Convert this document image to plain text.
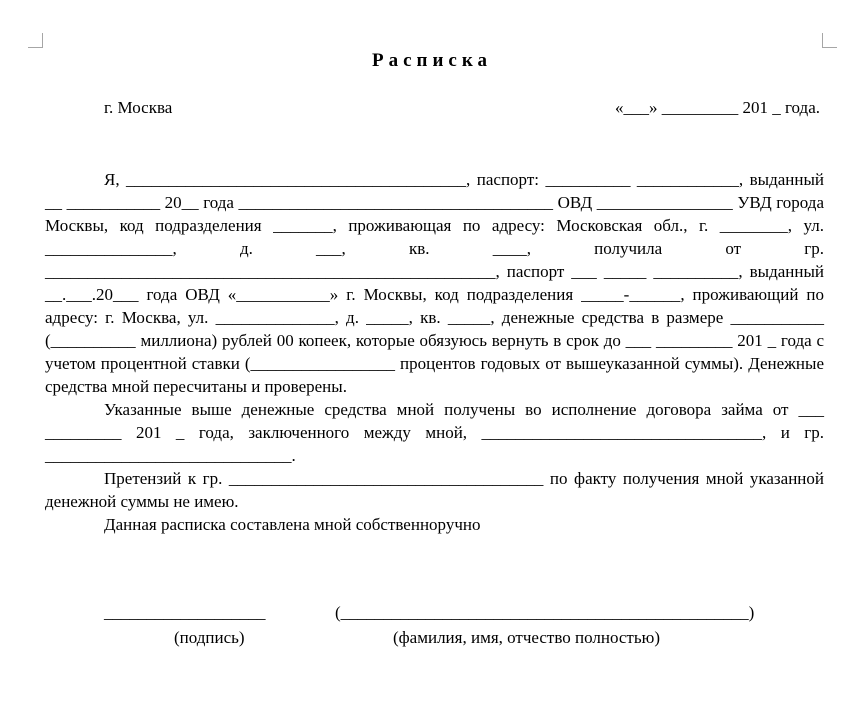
Расписка
г. Москва	«___» _________ 201 _ года.

Я, ________________________________________, паспорт: __________ ____________, выданный __ ___________ 20__ года _____________________________________ ОВД ________________ УВД города Москвы, код подразделения _______, проживающая по адресу: Московская обл., г. ________, ул. _______________, д. ___, кв. ____, получила от гр. _____________________________________________________, паспорт ___ _____ __________, выданный __.___.20___ года ОВД «___________» г. Москвы, код подразделения _____-______, проживающий по адресу: г. Москва, ул. ______________, д. _____, кв. _____, денежные средства в размере ___________ (__________ миллиона) рублей 00 копеек, которые обязуюсь вернуть в срок до ___ _________ 201 _ года с учетом процентной ставки (_________________ процентов годовых от вышеуказанной суммы). Денежные средства мной пересчитаны и проверены.

Указанные выше денежные средства мной получены во исполнение договора займа от ___ _________ 201 _ года, заключенного между мной, _________________________________, и гр. _____________________________.

Претензий к гр. _____________________________________ по факту получения мной указанной денежной суммы не имею.

Данная расписка составлена мной собственноручно

___________________	(________________________________________________)
(подпись)	(фамилия, имя, отчество полностью)
